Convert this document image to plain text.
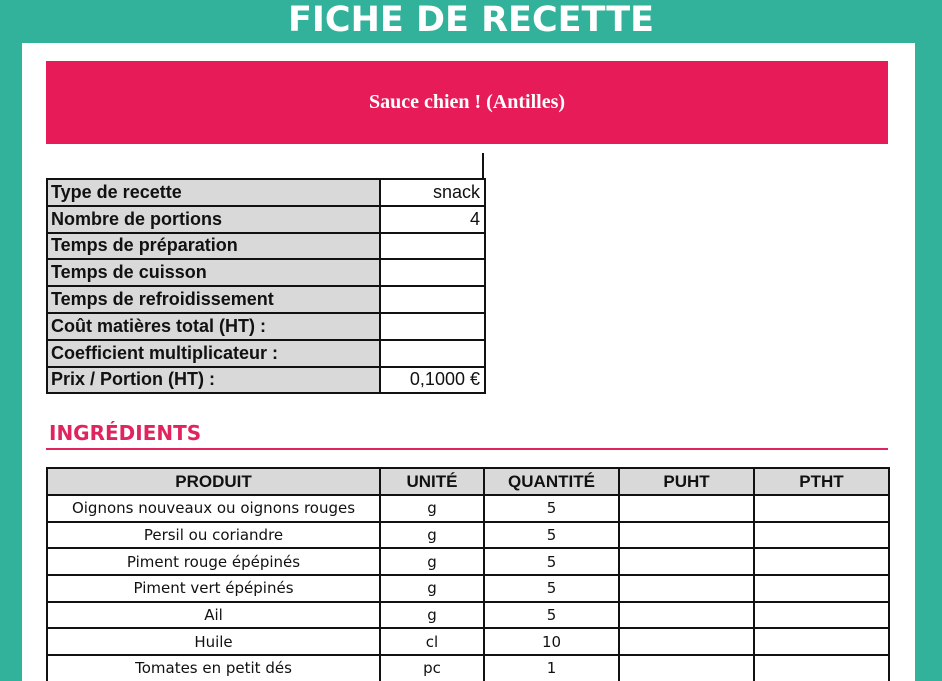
FICHE DE RECETTE
Sauce chien ! (Antilles)
Type de recette	snack
Nombre de portions	4
Temps de préparation	
Temps de cuisson	
Temps de refroidissement	
Coût matières total (HT) :	
Coefficient multiplicateur :	
Prix / Portion (HT) :	0,1000 €
INGRÉDIENTS
PRODUIT	UNITÉ	QUANTITÉ	PUHT	PTHT
Oignons nouveaux ou oignons rouges	g	5		
Persil ou coriandre	g	5		
Piment rouge épépinés	g	5		
Piment vert épépinés	g	5		
Ail	g	5		
Huile	cl	10		
Tomates en petit dés	pc	1		
